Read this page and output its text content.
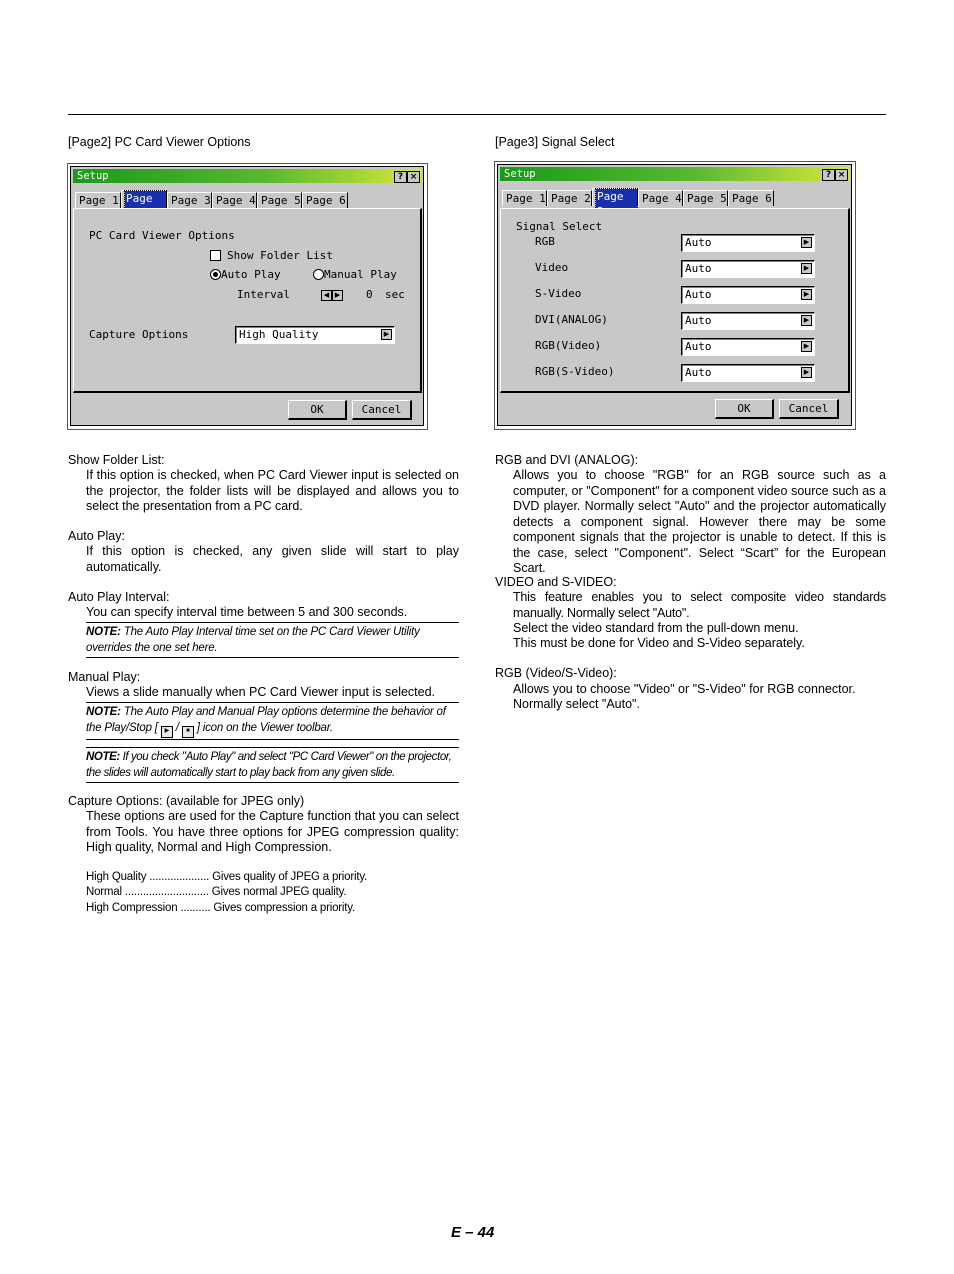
[Page2] PC Card Viewer Options	[Page3] Signal Select
Setup	? ×
Page 1 Page	Page 3 Page 4 Page 5 Page 6
PC Card Viewer Options
Show Folder List
Auto Play	Manual Play
Interval	◀ ▶ 0 sec
Capture Options	High Quality	▶
OK	Cancel
Setup	? ×
Page 1 Page 2 Page	Page 4 Page 5 Page 6
Signal Select
RGB	Auto	▶
Video	Auto	▶
S-Video	Auto	▶
DVI(ANALOG)	Auto	▶
RGB(Video)	Auto	▶
RGB(S-Video)	Auto	▶
OK	Cancel
Show Folder List:
If this option is checked, when PC Card Viewer input is selected on the projector, the folder lists will be displayed and allows you to select the presentation from a PC card.
Auto Play:
If this option is checked, any given slide will start to play automatically.
Auto Play Interval:
You can specify interval time between 5 and 300 seconds.
NOTE: The Auto Play Interval time set on the PC Card Viewer Utility overrides the one set here.
Manual Play:
Views a slide manually when PC Card Viewer input is selected.
NOTE: The Auto Play and Manual Play options determine the behavior of the Play/Stop [ ▶ / ■ ] icon on the Viewer toolbar.
NOTE: If you check "Auto Play" and select "PC Card Viewer" on the projector, the slides will automatically start to play back from any given slide.
Capture Options: (available for JPEG only)
These options are used for the Capture function that you can select from Tools. You have three options for JPEG compression quality: High quality, Normal and High Compression.
High Quality .................... Gives quality of JPEG a priority.
Normal ............................ Gives normal JPEG quality.
High Compression .......... Gives compression a priority.
RGB and DVI (ANALOG):
Allows you to choose "RGB" for an RGB source such as a computer, or "Component" for a component video source such as a DVD player. Normally select "Auto" and the projector automatically detects a component signal. However there may be some component signals that the projector is unable to detect. If this is the case, select "Component". Select “Scart” for the European Scart.
VIDEO and S-VIDEO:
This feature enables you to select composite video standards manually. Normally select "Auto".
Select the video standard from the pull-down menu.
This must be done for Video and S-Video separately.
RGB (Video/S-Video):
Allows you to choose "Video" or "S-Video" for RGB connector.
Normally select "Auto".
E – 44
